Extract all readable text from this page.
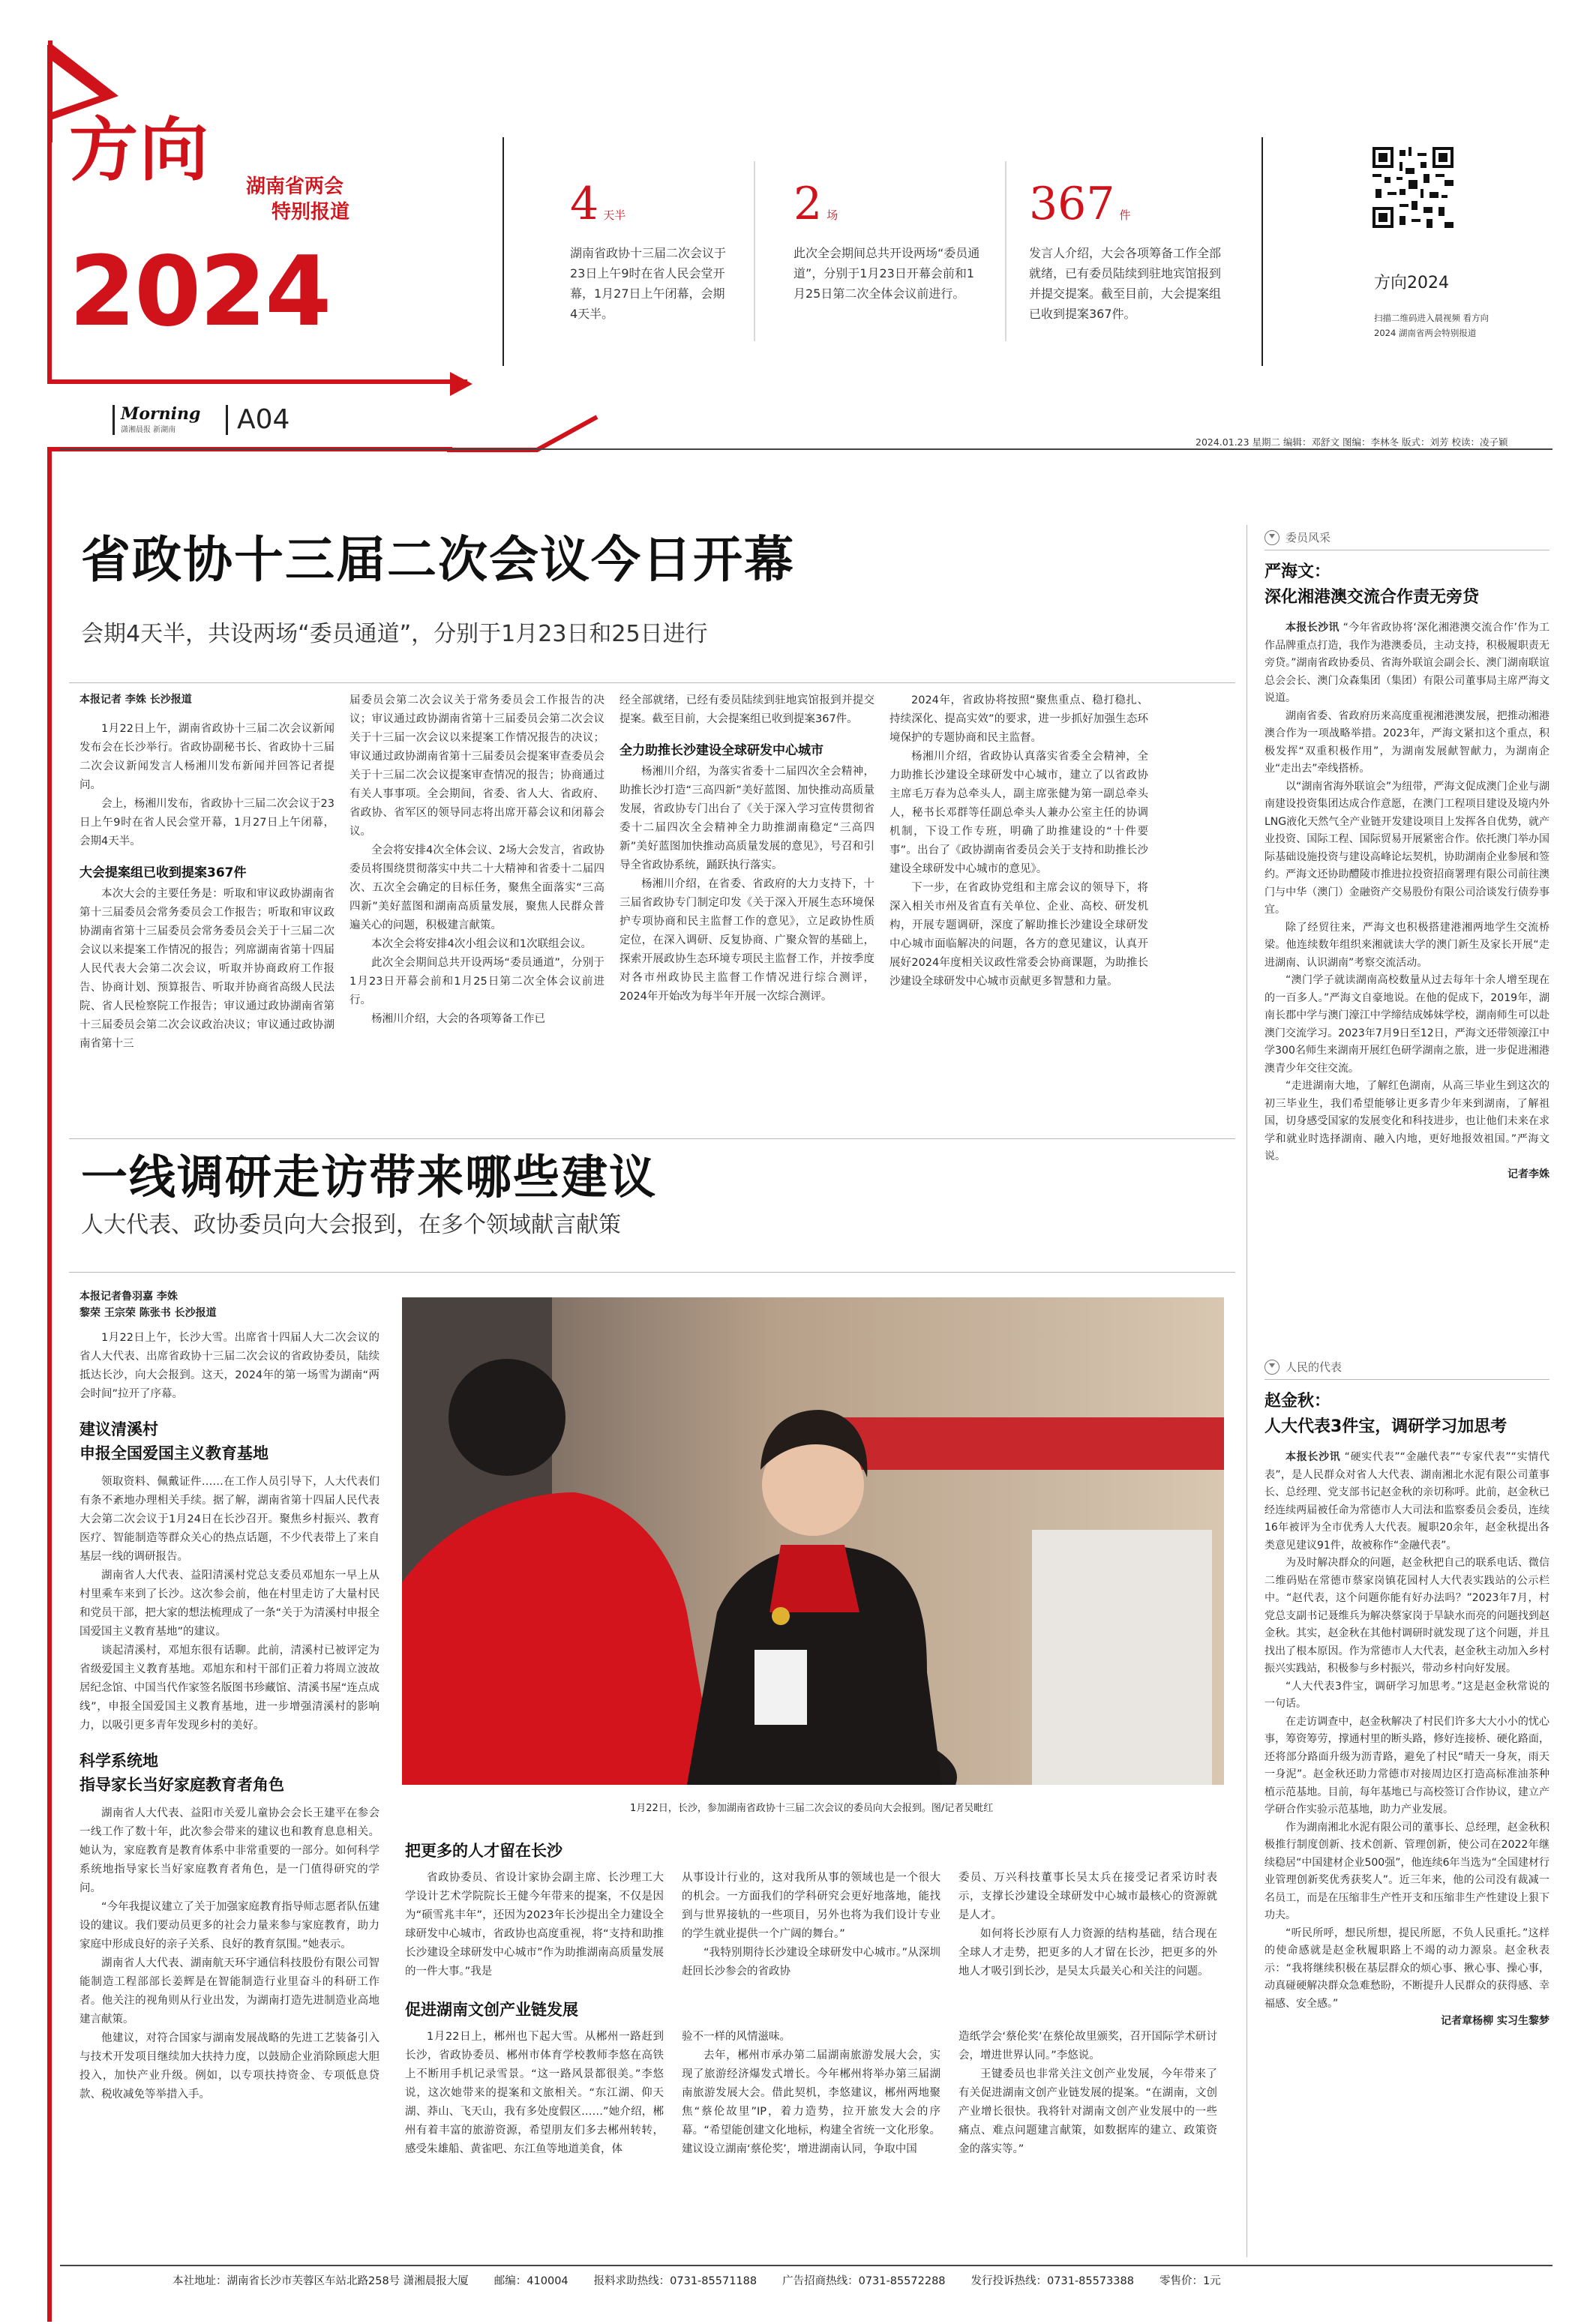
方向 湖南省两会
特别报道
2024
Morning
潇湘晨报 新湖南	A04
4 天半
湖南省政协十三届二次会议于23日上午9时在省人民会堂开幕，1月27日上午闭幕，会期4天半。
2 场
此次全会期间总共开设两场“委员通道”，分别于1月23日开幕会前和1月25日第二次全体会议前进行。
367 件
发言人介绍，大会各项筹备工作全部就绪，已有委员陆续到驻地宾馆报到并提交提案。截至目前，大会提案组已收到提案367件。
方向2024
扫描二维码进入晨视频 看方向2024 湖南省两会特别报道
2024.01.23 星期二 编辑：邓舒文 图编：李林冬 版式：刘芳 校读：凌子颖
省政协十三届二次会议今日开幕
会期4天半，共设两场“委员通道”，分别于1月23日和25日进行
本报记者 李姝 长沙报道

1月22日上午，湖南省政协十三届二次会议新闻发布会在长沙举行。省政协副秘书长、省政协十三届二次会议新闻发言人杨湘川发布新闻并回答记者提问。

会上，杨湘川发布，省政协十三届二次会议于23日上午9时在省人民会堂开幕，1月27日上午闭幕，会期4天半。

大会提案组已收到提案367件

本次大会的主要任务是：听取和审议政协湖南省第十三届委员会常务委员会工作报告；听取和审议政协湖南省第十三届委员会常务委员会关于十三届二次会议以来提案工作情况的报告；列席湖南省第十四届人民代表大会第二次会议，听取并协商政府工作报告、协商计划、预算报告、听取并协商省高级人民法院、省人民检察院工作报告；审议通过政协湖南省第十三届委员会第二次会议政治决议；审议通过政协湖南省第十三

届委员会第二次会议关于常务委员会工作报告的决议；审议通过政协湖南省第十三届委员会第二次会议关于十三届一次会议以来提案工作情况报告的决议；审议通过政协湖南省第十三届委员会提案审查委员会关于十三届二次会议提案审查情况的报告；协商通过有关人事事项。全会期间，省委、省人大、省政府、省政协、省军区的领导同志将出席开幕会议和闭幕会议。

全会将安排4次全体会议、2场大会发言，省政协委员将围绕贯彻落实中共二十大精神和省委十二届四次、五次全会确定的目标任务，聚焦全面落实“三高四新”美好蓝图和湖南高质量发展，聚焦人民群众普遍关心的问题，积极建言献策。

本次全会将安排4次小组会议和1次联组会议。

此次全会期间总共开设两场“委员通道”，分别于1月23日开幕会前和1月25日第二次全体会议前进行。

杨湘川介绍，大会的各项筹备工作已

经全部就绪，已经有委员陆续到驻地宾馆报到并提交提案。截至目前，大会提案组已收到提案367件。

全力助推长沙建设全球研发中心城市

杨湘川介绍，为落实省委十二届四次全会精神，助推长沙打造“三高四新”美好蓝图、加快推动高质量发展，省政协专门出台了《关于深入学习宣传贯彻省委十二届四次全会精神全力助推湖南稳定“三高四新”美好蓝图加快推动高质量发展的意见》，号召和引导全省政协系统，踊跃执行落实。

杨湘川介绍，在省委、省政府的大力支持下，十三届省政协专门制定印发《关于深入开展生态环境保护专项协商和民主监督工作的意见》，立足政协性质定位，在深入调研、反复协商、广聚众智的基础上，探索开展政协生态环境专项民主监督工作，并按季度对各市州政协民主监督工作情况进行综合测评，2024年开始改为每半年开展一次综合测评。

2024年，省政协将按照“聚焦重点、稳打稳扎、持续深化、提高实效”的要求，进一步抓好加强生态环境保护的专题协商和民主监督。

杨湘川介绍，省政协认真落实省委全会精神，全力助推长沙建设全球研发中心城市，建立了以省政协主席毛万春为总牵头人，副主席张健为第一副总牵头人，秘书长邓群等任副总牵头人兼办公室主任的协调机制，下设工作专班，明确了助推建设的“十件要事”。出台了《政协湖南省委员会关于支持和助推长沙建设全球研发中心城市的意见》。

下一步，在省政协党组和主席会议的领导下，将深入相关市州及省直有关单位、企业、高校、研发机构，开展专题调研，深度了解助推长沙建设全球研发中心城市面临解决的问题，各方的意见建议，认真开展好2024年度相关议政性常委会协商课题，为助推长沙建设全球研发中心城市贡献更多智慧和力量。

一线调研走访带来哪些建议
人大代表、政协委员向大会报到，在多个领域献言献策
本报记者鲁羽嘉 李姝
黎荣 王宗荣 陈张书 长沙报道

1月22日上午，长沙大雪。出席省十四届人大二次会议的省人大代表、出席省政协十三届二次会议的省政协委员，陆续抵达长沙，向大会报到。这天，2024年的第一场雪为湖南“两会时间”拉开了序幕。

建议清溪村
申报全国爱国主义教育基地

领取资料、佩戴证件……在工作人员引导下，人大代表们有条不紊地办理相关手续。据了解，湖南省第十四届人民代表大会第二次会议于1月24日在长沙召开。聚焦乡村振兴、教育医疗、智能制造等群众关心的热点话题，不少代表带上了来自基层一线的调研报告。

湖南省人大代表、益阳清溪村党总支委员邓旭东一早上从村里乘车来到了长沙。这次参会前，他在村里走访了大量村民和党员干部，把大家的想法梳理成了一条“关于为清溪村申报全国爱国主义教育基地”的建议。

谈起清溪村，邓旭东很有话聊。此前，清溪村已被评定为省级爱国主义教育基地。邓旭东和村干部们正着力将周立波故居纪念馆、中国当代作家签名版图书珍藏馆、清溪书屋“连点成线”，申报全国爱国主义教育基地，进一步增强清溪村的影响力，以吸引更多青年发现乡村的美好。

科学系统地
指导家长当好家庭教育者角色

湖南省人大代表、益阳市关爱儿童协会会长王建平在参会一线工作了数十年，此次参会带来的建议也和教育息息相关。她认为，家庭教育是教育体系中非常重要的一部分。如何科学系统地指导家长当好家庭教育者角色，是一门值得研究的学问。

“今年我提议建立了关于加强家庭教育指导师志愿者队伍建设的建议。我们要动员更多的社会力量来参与家庭教育，助力家庭中形成良好的亲子关系、良好的教育氛围。”她表示。

湖南省人大代表、湖南航天环宇通信科技股份有限公司智能制造工程部部长姜辉是在智能制造行业里奋斗的科研工作者。他关注的视角则从行业出发，为湖南打造先进制造业高地建言献策。

他建议，对符合国家与湖南发展战略的先进工艺装备引入与技术开发项目继续加大扶持力度，以鼓励企业消除顾虑大胆投入，加快产业升级。例如，以专项扶持资金、专项低息贷款、税收减免等举措入手。

1月22日，长沙，参加湖南省政协十三届二次会议的委员向大会报到。图/记者吴毗红
把更多的人才留在长沙

省政协委员、省设计家协会副主席、长沙理工大学设计艺术学院院长王健今年带来的提案，不仅是因为“硕雪兆丰年”，还因为2023年长沙提出全力建设全球研发中心城市，省政协也高度重视，将“支持和助推长沙建设全球研发中心城市”作为助推湖南高质量发展的一件大事。”我是

从事设计行业的，这对我所从事的领域也是一个很大的机会。一方面我们的学科研究会更好地落地，能找到与世界接轨的一些项目，另外也将为我们设计专业的学生就业提供一个广阔的舞台。”

“我特别期待长沙建设全球研发中心城市。”从深圳赶回长沙参会的省政协

委员、万兴科技董事长吴太兵在接受记者采访时表示，支撑长沙建设全球研发中心城市最核心的资源就是人才。

如何将长沙原有人力资源的结构基础，结合现在全球人才走势，把更多的人才留在长沙，把更多的外地人才吸引到长沙，是吴太兵最关心和关注的问题。

促进湖南文创产业链发展

1月22日上，郴州也下起大雪。从郴州一路赶到长沙，省政协委员、郴州市体育学校教师李悠在高铁上不断用手机记录雪景。“这一路风景都很美。”李悠说，这次她带来的提案和文旅相关。“东江湖、仰天湖、莽山、飞天山，我有多处度假区……”她介绍，郴州有着丰富的旅游资源，希望朋友们多去郴州转转，感受朱雄船、黄雀吧、东江鱼等地道美食，体

验不一样的风情滋味。

去年，郴州市承办第二届湖南旅游发展大会，实现了旅游经济爆发式增长。今年郴州将举办第三届湖南旅游发展大会。借此契机，李悠建议，郴州两地聚焦“蔡伦故里”IP，着力造势，拉开旅发大会的序幕。“希望能创建文化地标，构建全省统一文化形象。建议设立湖南‘蔡伦奖’，增进湖南认同，争取中国

造纸学会‘蔡伦奖’在蔡伦故里颁奖，召开国际学术研讨会，增进世界认同。”李悠说。

王键委员也非常关注文创产业发展，今年带来了有关促进湖南文创产业链发展的提案。“在湖南，文创产业增长很快。我将针对湖南文创产业发展中的一些痛点、难点问题建言献策，如数据库的建立、政策资金的落实等。”

委员风采
严海文：
深化湘港澳交流合作责无旁贷

本报长沙讯 “今年省政协将‘深化湘港澳交流合作’作为工作品牌重点打造，我作为港澳委员，主动支持，积极履职责无旁贷。”湖南省政协委员、省海外联谊会副会长、澳门湖南联谊总会会长、澳门众森集团（集团）有限公司董事局主席严海文说道。

湖南省委、省政府历来高度重视湘港澳发展，把推动湘港澳合作为一项战略举措。2023年，严海文紧扣这个重点，积极发挥“双重积极作用”，为湖南发展献智献力，为湖南企业“走出去”牵线搭桥。

以“湖南省海外联谊会”为纽带，严海文促成澳门企业与湖南建设投资集团达成合作意愿，在澳门工程项目建设及境内外LNG液化天然气全产业链开发建设项目上发挥各自优势，就产业投资、国际工程、国际贸易开展紧密合作。依托澳门举办国际基础设施投资与建设高峰论坛契机，协助湖南企业参展和签约。严海文还协助醴陵市推进拉投资招商署理有限公司前往澳门与中华（澳门）金融资产交易股份有限公司洽谈发行债券事宜。

除了经贸往来，严海文也积极搭建港湘两地学生交流桥梁。他连续数年组织来湘就读大学的澳门新生及家长开展“走进湖南、认识湖南”考察交流活动。

“澳门学子就读湖南高校数量从过去每年十余人增至现在的一百多人。”严海文自豪地说。在他的促成下，2019年，湖南长郡中学与澳门濠江中学缔结成姊妹学校，湖南师生可以赴澳门交流学习。2023年7月9日至12日，严海文还带领濠江中学300名师生来湖南开展红色研学湖南之旅，进一步促进湘港澳青少年交往交流。

“走进湖南大地，了解红色湖南，从高三毕业生到这次的初三毕业生，我们希望能够让更多青少年来到湖南，了解祖国，切身感受国家的发展变化和科技进步，也让他们未来在求学和就业时选择湖南、融入内地，更好地报效祖国。”严海文说。

记者李姝
人民的代表
赵金秋：
人大代表3件宝，调研学习加思考

本报长沙讯 “硬实代表”“金融代表”“专家代表”“实情代表”，是人民群众对省人大代表、湖南湘北水泥有限公司董事长、总经理、党支部书记赵金秋的亲切称呼。此前，赵金秋已经连续两届被任命为常德市人大司法和监察委员会委员，连续16年被评为全市优秀人大代表。履职20余年，赵金秋提出各类意见建议91件，故被称作“金融代表”。

为及时解决群众的问题，赵金秋把自己的联系电话、微信二维码贴在常德市蔡家岗镇花园村人大代表实践站的公示栏中。“赵代表，这个问题你能有好办法吗？”2023年7月，村党总支副书记聂维兵为解决蔡家岗于旱缺水而亮的问题找到赵金秋。其实，赵金秋在其他村调研时就发现了这个问题，并且找出了根本原因。作为常德市人大代表，赵金秋主动加入乡村振兴实践站，积极参与乡村振兴，带动乡村向好发展。

“人大代表3件宝，调研学习加思考。”这是赵金秋常说的一句话。

在走访调查中，赵金秋解决了村民们许多大大小小的忧心事，筹资筹劳，撑通村里的断头路，修好连接桥、硬化路面，还将部分路面升级为沥青路，避免了村民“晴天一身灰，雨天一身泥”。赵金秋还助力常德市对接周边区打造高标准油茶种植示范基地。目前，每年基地已与高校签订合作协议，建立产学研合作实验示范基地，助力产业发展。

作为湖南湘北水泥有限公司的董事长、总经理，赵金秋积极推行制度创新、技术创新、管理创新，使公司在2022年继续稳居“中国建材企业500强”，他连续6年当选为“全国建材行业管理创新奖优秀获奖人”。近三年来，他的公司没有裁减一名员工，而是在压缩非生产性开支和压缩非生产性建设上狠下功夫。

“听民所呼，想民所想，提民所愿，不负人民重托。”这样的使命感就是赵金秋履职路上不竭的动力源泉。赵金秋表示：“我将继续积极在基层群众的烦心事、揪心事、操心事，动真碰硬解决群众急难愁盼，不断提升人民群众的获得感、幸福感、安全感。”

记者章杨柳 实习生黎梦
本社地址：湖南省长沙市芙蓉区车站北路258号 潇湘晨报大厦 邮编：410004 报料求助热线：0731-85571188 广告招商热线：0731-85572288 发行投诉热线：0731-85573388 零售价：1元
